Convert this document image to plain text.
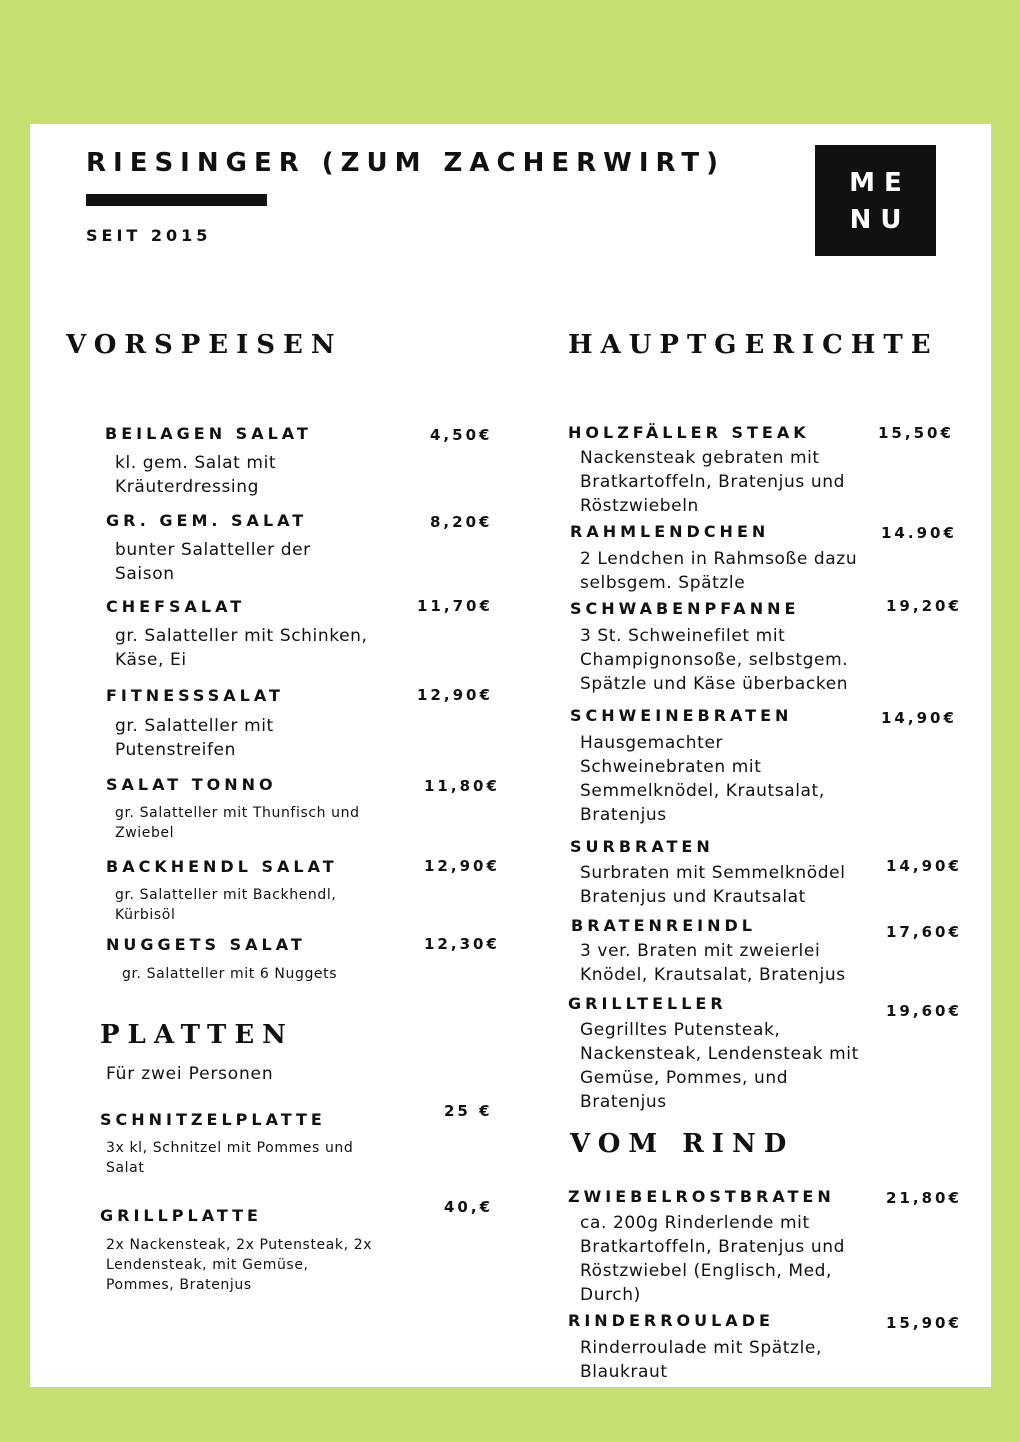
RIESINGER (ZUM ZACHERWIRT)
SEIT 2015
ME
NU
VORSPEISEN
BEILAGEN SALAT	4,50€
kl. gem. Salat mit Kräuterdressing
GR. GEM. SALAT	8,20€
bunter Salatteller der Saison
CHEFSALAT	11,70€
gr. Salatteller mit Schinken, Käse, Ei
FITNESSSALAT	12,90€
gr. Salatteller mit Putenstreifen
SALAT TONNO	11,80€
gr. Salatteller mit Thunfisch und Zwiebel
BACKHENDL SALAT	12,90€
gr. Salatteller mit Backhendl, Kürbisöl
NUGGETS SALAT	12,30€
gr. Salatteller mit 6 Nuggets
PLATTEN
Für zwei Personen
SCHNITZELPLATTE	25 €
3x kl, Schnitzel mit Pommes und Salat
GRILLPLATTE	40,€
2x Nackensteak, 2x Putensteak, 2x Lendensteak, mit Gemüse, Pommes, Bratenjus
HAUPTGERICHTE
HOLZFÄLLER STEAK	15,50€
Nackensteak gebraten mit Bratkartoffeln, Bratenjus und Röstzwiebeln
RAHMLENDCHEN	14.90€
2 Lendchen in Rahmsoße dazu selbsgem. Spätzle
SCHWABENPFANNE	19,20€
3 St. Schweinefilet mit Champignonsoße, selbstgem. Spätzle und Käse überbacken
SCHWEINEBRATEN	14,90€
Hausgemachter Schweinebraten mit Semmelknödel, Krautsalat, Bratenjus
SURBRATEN
14,90€
Surbraten mit Semmelknödel Bratenjus und Krautsalat
BRATENREINDL	17,60€
3 ver. Braten mit zweierlei Knödel, Krautsalat, Bratenjus
GRILLTELLER	19,60€
Gegrilltes Putensteak, Nackensteak, Lendensteak mit Gemüse, Pommes, und Bratenjus
VOM RIND
ZWIEBELROSTBRATEN	21,80€
ca. 200g Rinderlende mit Bratkartoffeln, Bratenjus und Röstzwiebel (Englisch, Med, Durch)
RINDERROULADE	15,90€
Rinderroulade mit Spätzle, Blaukraut
